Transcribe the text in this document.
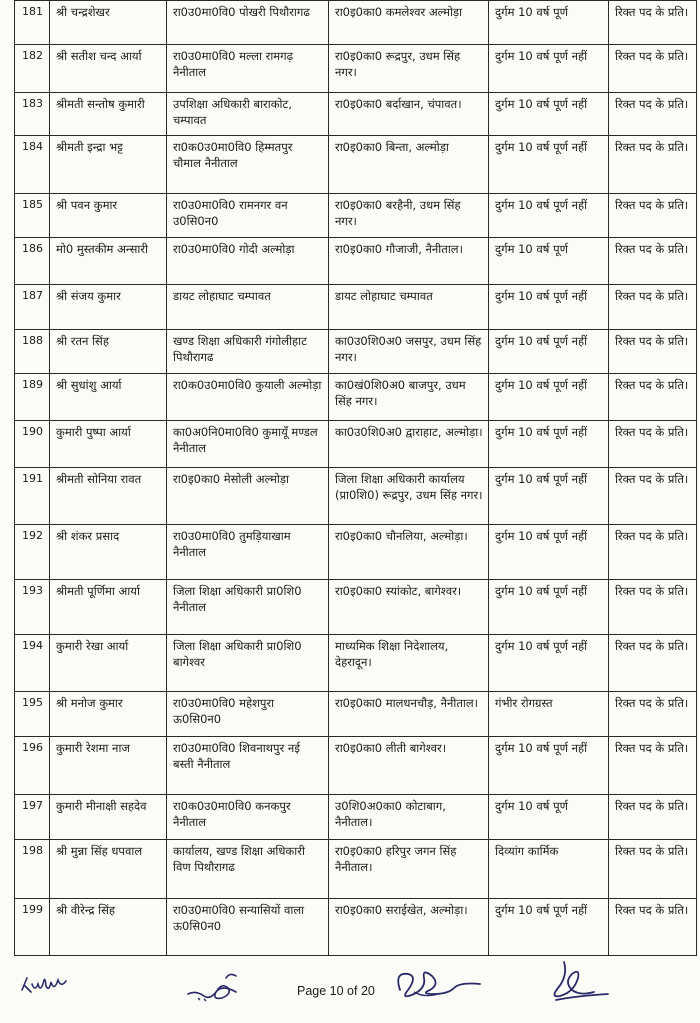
181	श्री चन्द्रशेखर	रा0उ0मा0वि0 पोखरी पिथौरागढ	रा0इ0का0 कमलेश्वर अल्मोड़ा	दुर्गम 10 वर्ष पूर्ण	रिक्त पद के प्रति।
182	श्री सतीश चन्द आर्या	रा0उ0मा0वि0 मल्ला रामगढ़ नैनीताल	रा0इ0का0 रूद्रपुर, उधम सिंह नगर।	दुर्गम 10 वर्ष पूर्ण नहीं	रिक्त पद के प्रति।
183	श्रीमती सन्तोष कुमारी	उपशिक्षा अधिकारी बाराकोट, चम्पावत	रा0इ0का0 बर्दाखान, चंपावत।	दुर्गम 10 वर्ष पूर्ण नहीं	रिक्त पद के प्रति।
184	श्रीमती इन्द्रा भट्ट	रा0क0उ0मा0वि0 हिम्मतपुर चौमाल नैनीताल	रा0इ0का0 बिन्ता, अल्मोड़ा	दुर्गम 10 वर्ष पूर्ण नहीं	रिक्त पद के प्रति।
185	श्री पवन कुमार	रा0उ0मा0वि0 रामनगर वन उ0सि0न0	रा0इ0का0 बरहैनी, उधम सिंह नगर।	दुर्गम 10 वर्ष पूर्ण नहीं	रिक्त पद के प्रति।
186	मो0 मुस्तकीम अन्सारी	रा0उ0मा0वि0 गोदी अल्मोड़ा	रा0इ0का0 गौजाजी, नैनीताल।	दुर्गम 10 वर्ष पूर्ण	रिक्त पद के प्रति।
187	श्री संजय कुमार	डायट लोहाघाट चम्पावत	डायट लोहाघाट चम्पावत	दुर्गम 10 वर्ष पूर्ण नहीं	रिक्त पद के प्रति।
188	श्री रतन सिंह	खण्ड शिक्षा अधिकारी गंगोलीहाट पिथौरागढ	का0उ0शि0अ0 जसपुर, उधम सिंह नगर।	दुर्गम 10 वर्ष पूर्ण नहीं	रिक्त पद के प्रति।
189	श्री सुधांशु आर्या	रा0क0उ0मा0वि0 कुयाली अल्मोड़ा	का0खं0शि0अ0 बाजपुर, उधम सिंह नगर।	दुर्गम 10 वर्ष पूर्ण नहीं	रिक्त पद के प्रति।
190	कुमारी पुष्पा आर्या	का0अ0नि0मा0वि0 कुमायूँ मण्डल नैनीताल	का0उ0शि0अ0 द्वाराहाट, अल्मोड़ा।	दुर्गम 10 वर्ष पूर्ण नहीं	रिक्त पद के प्रति।
191	श्रीमती सोनिया रावत	रा0इ0का0 मेसोली अल्मोड़ा	जिला शिक्षा अधिकारी कार्यालय (प्रा0शि0) रूद्रपुर, उधम सिंह नगर।	दुर्गम 10 वर्ष पूर्ण नहीं	रिक्त पद के प्रति।
192	श्री शंकर प्रसाद	रा0उ0मा0वि0 तुमड़ियाखाम नैनीताल	रा0इ0का0 चौनलिया, अल्मोड़ा।	दुर्गम 10 वर्ष पूर्ण नहीं	रिक्त पद के प्रति।
193	श्रीमती पूर्णिमा आर्या	जिला शिक्षा अधिकारी प्रा0शि0 नैनीताल	रा0इ0का0 स्यांकोट, बागेश्वर।	दुर्गम 10 वर्ष पूर्ण नहीं	रिक्त पद के प्रति।
194	कुमारी रेखा आर्या	जिला शिक्षा अधिकारी प्रा0शि0 बागेश्वर	माध्यमिक शिक्षा निदेशालय, देहरादून।	दुर्गम 10 वर्ष पूर्ण नहीं	रिक्त पद के प्रति।
195	श्री मनोज कुमार	रा0उ0मा0वि0 महेशपुरा ऊ0सि0न0	रा0इ0का0 मालधनचौड़, नैनीताल।	गंभीर रोगग्रस्त	रिक्त पद के प्रति।
196	कुमारी रेशमा नाज	रा0उ0मा0वि0 शिवनाथपुर नई बस्ती नैनीताल	रा0इ0का0 लीती बागेश्वर।	दुर्गम 10 वर्ष पूर्ण नहीं	रिक्त पद के प्रति।
197	कुमारी मीनाक्षी सहदेव	रा0क0उ0मा0वि0 कनकपुर नैनीताल	उ0शि0अ0का0 कोटाबाग, नैनीताल।	दुर्गम 10 वर्ष पूर्ण	रिक्त पद के प्रति।
198	श्री मुन्ना सिंह धपवाल	कार्यालय, खण्ड शिक्षा अधिकारी विण पिथौरागढ	रा0इ0का0 हरिपुर जगन सिंह नैनीताल।	दिव्यांग कार्मिक	रिक्त पद के प्रति।
199	श्री वीरेन्द्र सिंह	रा0उ0मा0वि0 सन्यासियों वाला ऊ0सि0न0	रा0इ0का0 सराईखेत, अल्मोड़ा।	दुर्गम 10 वर्ष पूर्ण नहीं	रिक्त पद के प्रति।
Page 10 of 20
